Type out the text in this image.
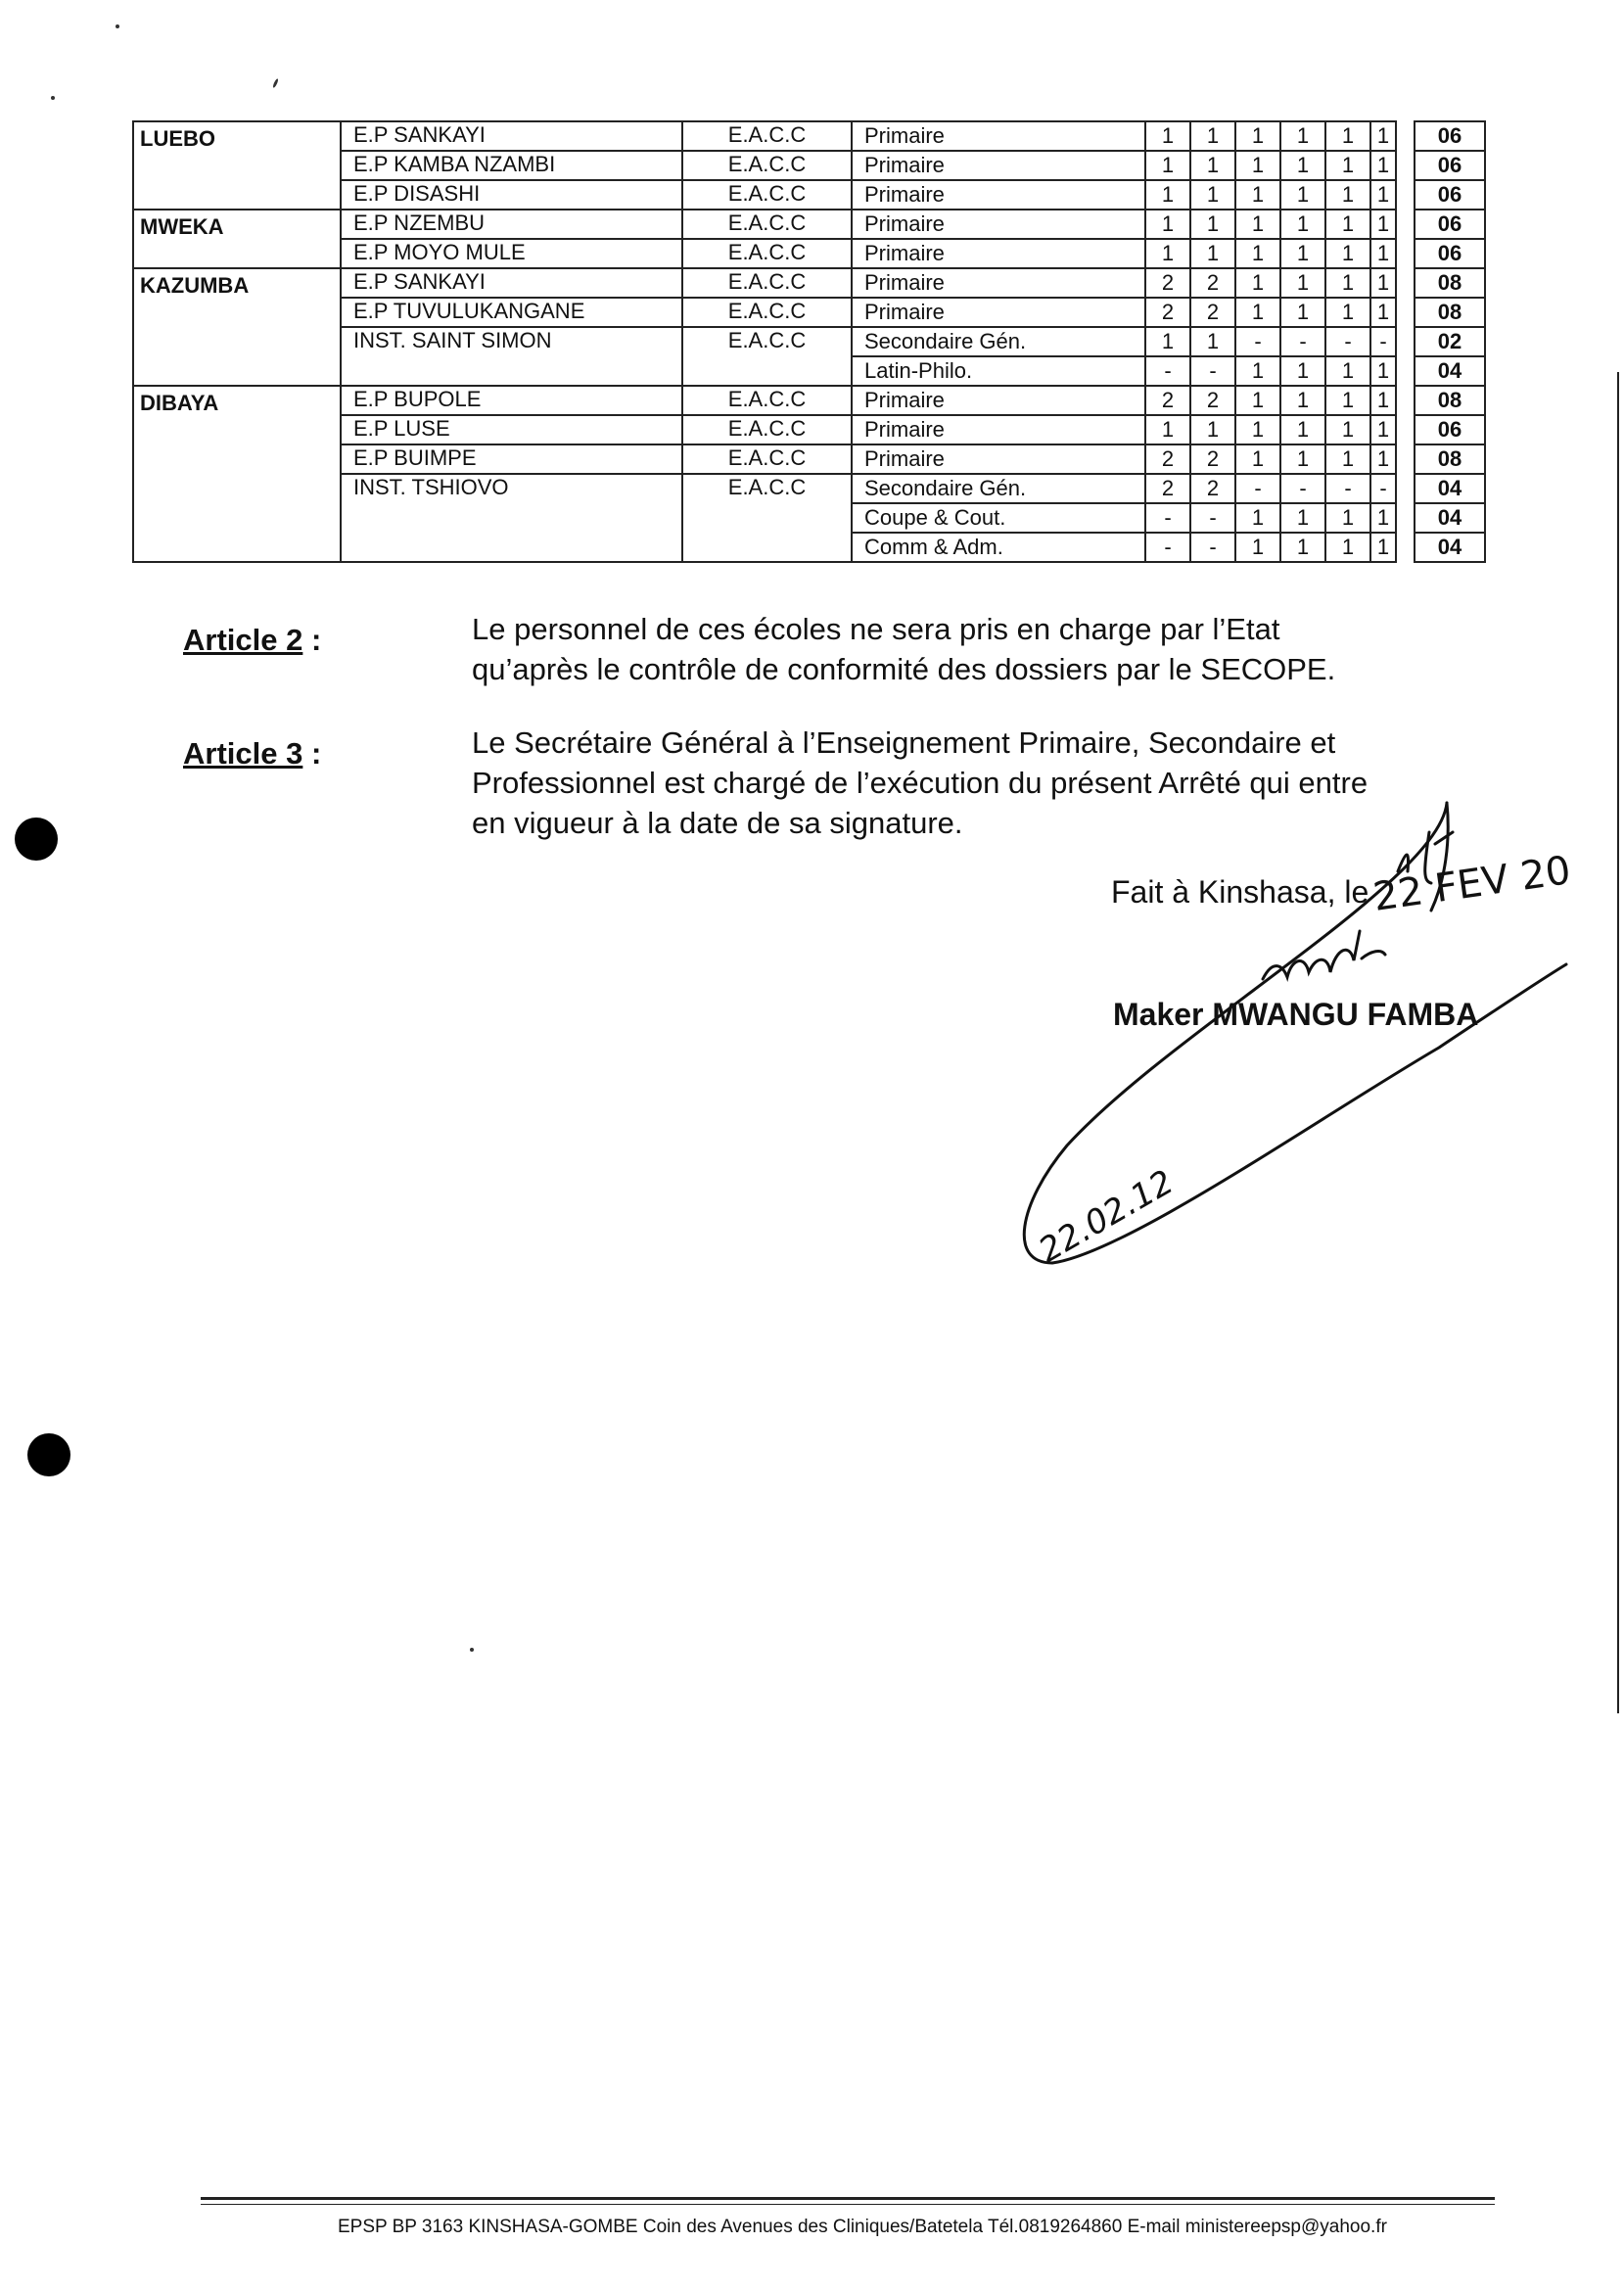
LUEBO	E.P SANKAYI	E.A.C.C	Primaire	1	1	1	1	1	1		06
	E.P KAMBA NZAMBI	E.A.C.C	Primaire	1	1	1	1	1	1		06
	E.P DISASHI	E.A.C.C	Primaire	1	1	1	1	1	1		06
MWEKA	E.P NZEMBU	E.A.C.C	Primaire	1	1	1	1	1	1		06
	E.P MOYO MULE	E.A.C.C	Primaire	1	1	1	1	1	1		06
KAZUMBA	E.P SANKAYI	E.A.C.C	Primaire	2	2	1	1	1	1		08
	E.P TUVULUKANGANE	E.A.C.C	Primaire	2	2	1	1	1	1		08
	INST. SAINT SIMON	E.A.C.C	Secondaire Gén.	1	1	-	-	-	-		02
			Latin-Philo.	-	-	1	1	1	1		04
DIBAYA	E.P BUPOLE	E.A.C.C	Primaire	2	2	1	1	1	1		08
	E.P LUSE	E.A.C.C	Primaire	1	1	1	1	1	1		06
	E.P BUIMPE	E.A.C.C	Primaire	2	2	1	1	1	1		08
	INST. TSHIOVO	E.A.C.C	Secondaire Gén.	2	2	-	-	-	-		04
			Coupe & Cout.	-	-	1	1	1	1		04
			Comm & Adm.	-	-	1	1	1	1		04
Article 2 :	Le personnel de ces écoles ne sera pris en charge par l’Etat
qu’après le contrôle de conformité des dossiers par le SECOPE.
Article 3 :	Le Secrétaire Général à l’Enseignement Primaire, Secondaire et
Professionnel est chargé de l’exécution du présent Arrêté qui entre
en vigueur à la date de sa signature.
Fait à Kinshasa, le
Maker MWANGU FAMBA
22 FEV 20
22.02.12
EPSP BP 3163 KINSHASA-GOMBE Coin des Avenues des Cliniques/Batetela Tél.0819264860 E-mail ministereepsp@yahoo.fr
